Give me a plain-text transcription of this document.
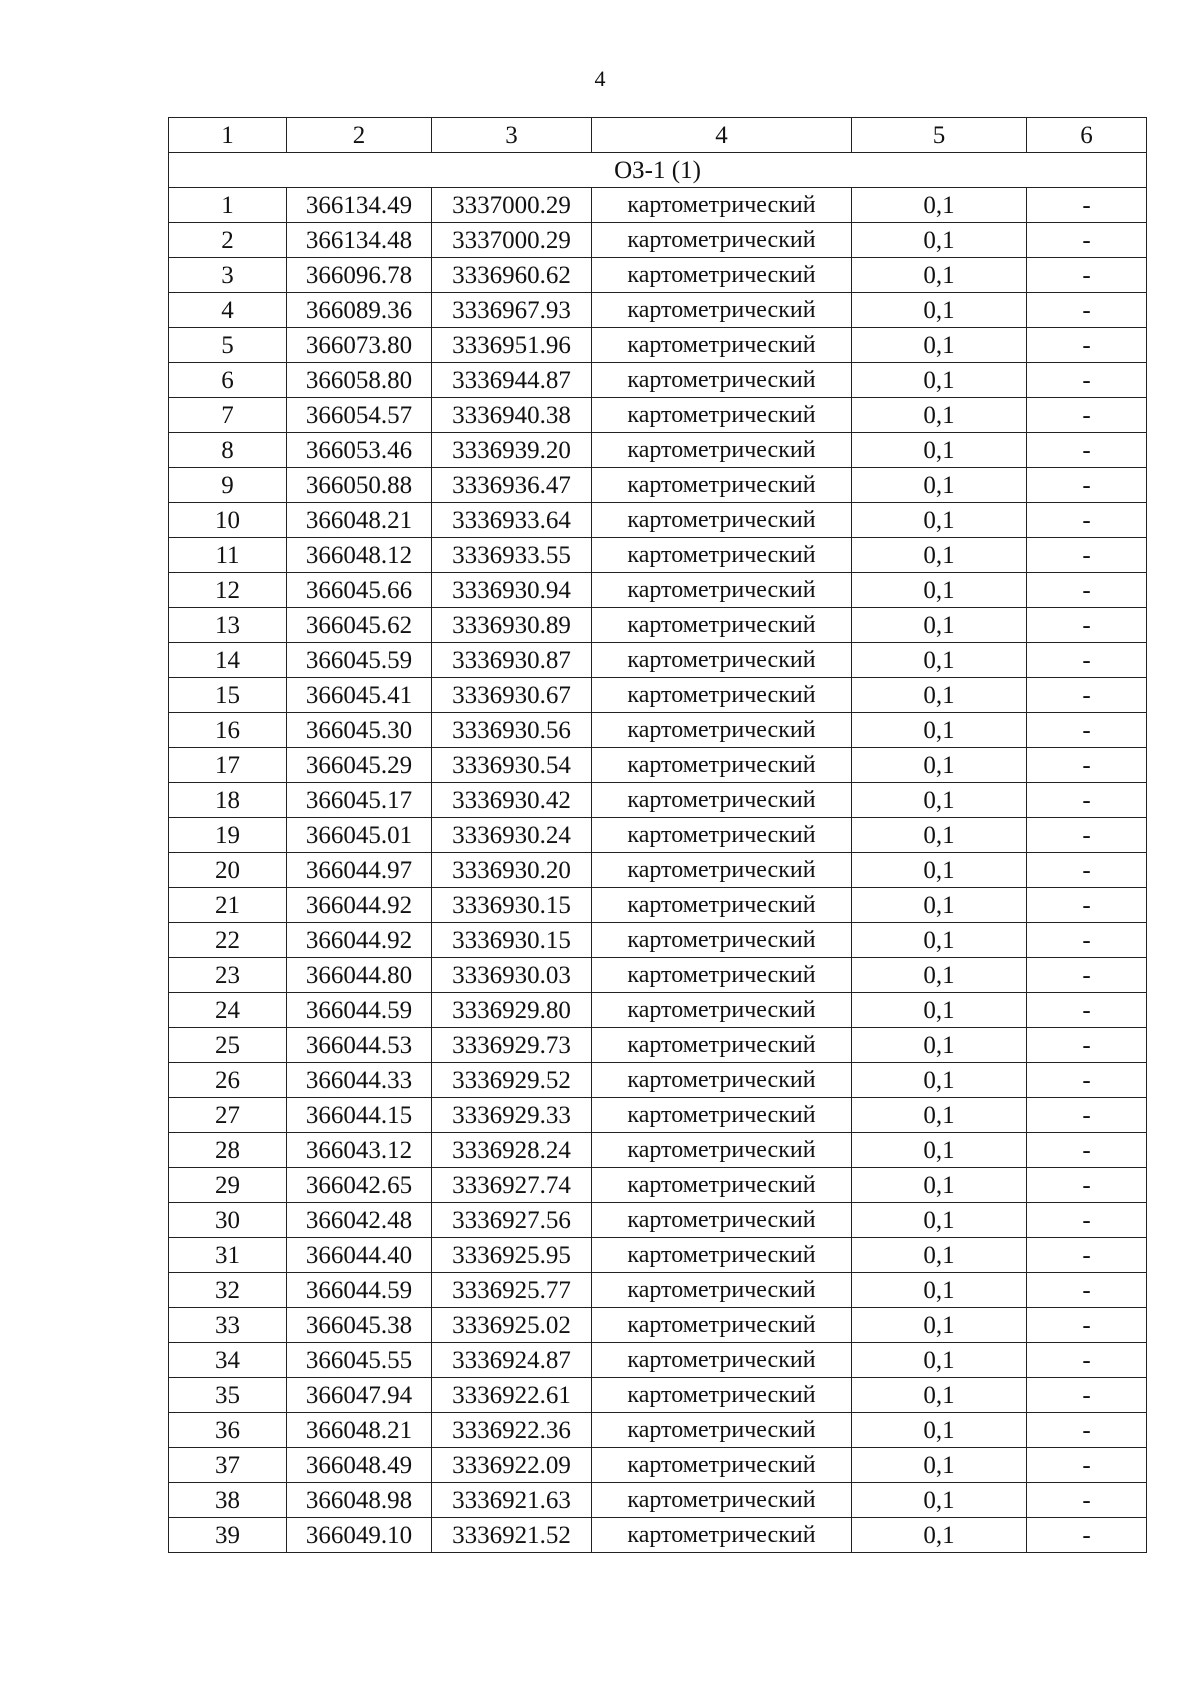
4
1	2	3	4	5	6
ОЗ-1 (1)					
1	366134.49	3337000.29	картометрический	0,1	-
2	366134.48	3337000.29	картометрический	0,1	-
3	366096.78	3336960.62	картометрический	0,1	-
4	366089.36	3336967.93	картометрический	0,1	-
5	366073.80	3336951.96	картометрический	0,1	-
6	366058.80	3336944.87	картометрический	0,1	-
7	366054.57	3336940.38	картометрический	0,1	-
8	366053.46	3336939.20	картометрический	0,1	-
9	366050.88	3336936.47	картометрический	0,1	-
10	366048.21	3336933.64	картометрический	0,1	-
11	366048.12	3336933.55	картометрический	0,1	-
12	366045.66	3336930.94	картометрический	0,1	-
13	366045.62	3336930.89	картометрический	0,1	-
14	366045.59	3336930.87	картометрический	0,1	-
15	366045.41	3336930.67	картометрический	0,1	-
16	366045.30	3336930.56	картометрический	0,1	-
17	366045.29	3336930.54	картометрический	0,1	-
18	366045.17	3336930.42	картометрический	0,1	-
19	366045.01	3336930.24	картометрический	0,1	-
20	366044.97	3336930.20	картометрический	0,1	-
21	366044.92	3336930.15	картометрический	0,1	-
22	366044.92	3336930.15	картометрический	0,1	-
23	366044.80	3336930.03	картометрический	0,1	-
24	366044.59	3336929.80	картометрический	0,1	-
25	366044.53	3336929.73	картометрический	0,1	-
26	366044.33	3336929.52	картометрический	0,1	-
27	366044.15	3336929.33	картометрический	0,1	-
28	366043.12	3336928.24	картометрический	0,1	-
29	366042.65	3336927.74	картометрический	0,1	-
30	366042.48	3336927.56	картометрический	0,1	-
31	366044.40	3336925.95	картометрический	0,1	-
32	366044.59	3336925.77	картометрический	0,1	-
33	366045.38	3336925.02	картометрический	0,1	-
34	366045.55	3336924.87	картометрический	0,1	-
35	366047.94	3336922.61	картометрический	0,1	-
36	366048.21	3336922.36	картометрический	0,1	-
37	366048.49	3336922.09	картометрический	0,1	-
38	366048.98	3336921.63	картометрический	0,1	-
39	366049.10	3336921.52	картометрический	0,1	-
